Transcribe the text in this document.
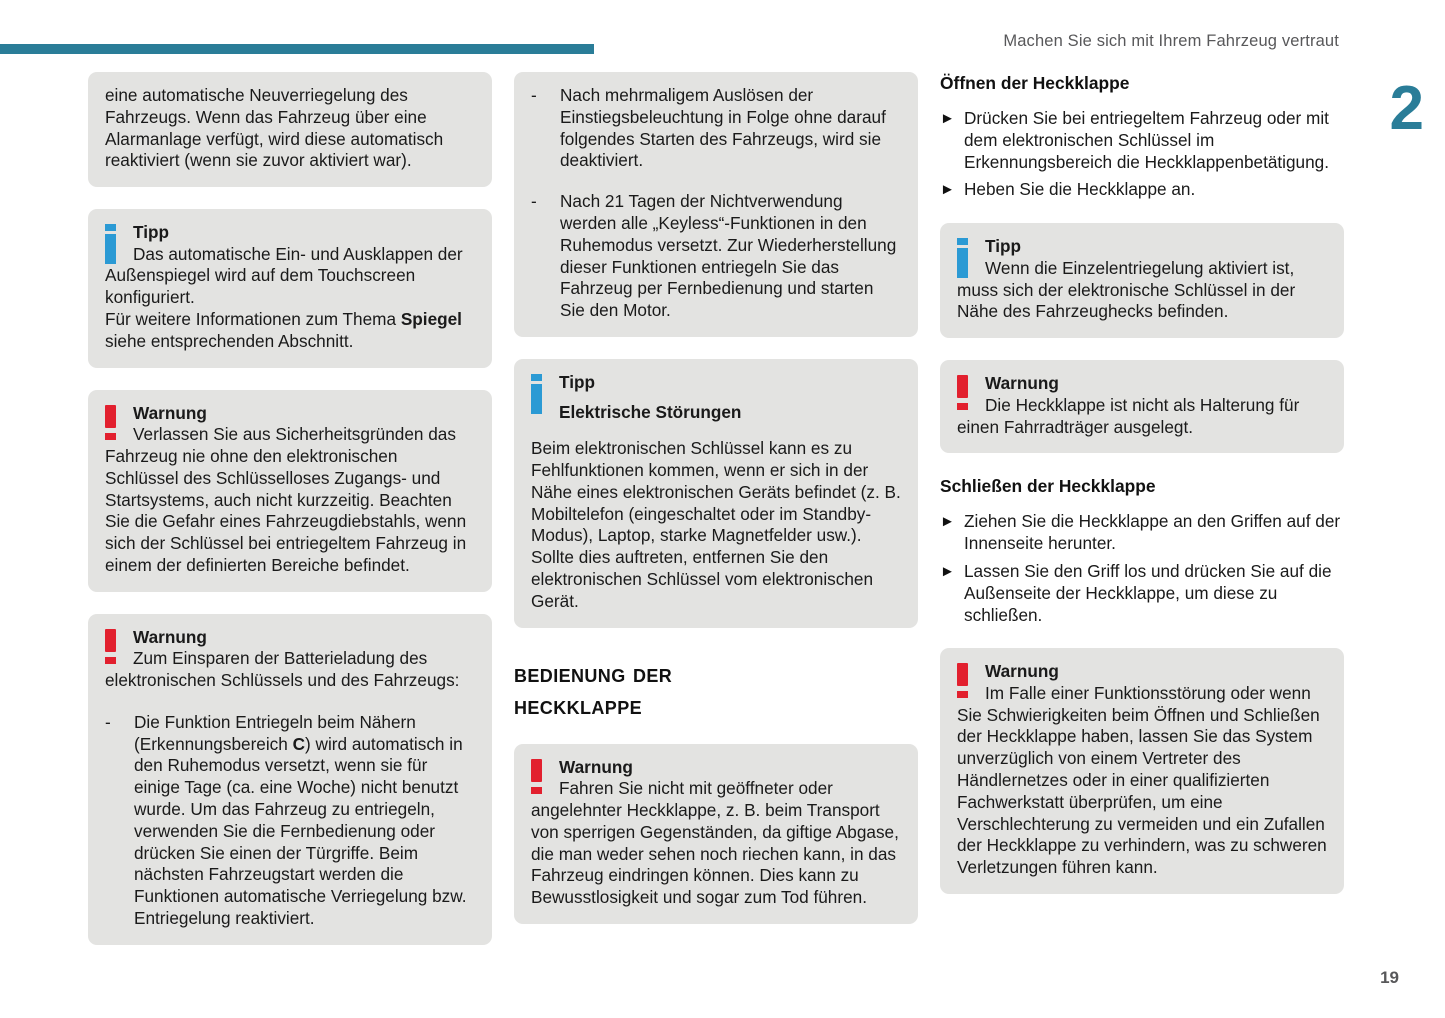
Machen Sie sich mit Ihrem Fahrzeug vertraut
2
19
eine automatische Neuverriegelung des Fahrzeugs. Wenn das Fahrzeug über eine Alarmanlage verfügt, wird diese automatisch reaktiviert (wenn sie zuvor aktiviert war).
Tipp
Das automatische Ein- und Ausklappen der Außenspiegel wird auf dem Touchscreen konfiguriert.
Für weitere Informationen zum Thema Spiegel siehe entsprechenden Abschnitt.
Warnung
Verlassen Sie aus Sicherheitsgründen das Fahrzeug nie ohne den elektronischen Schlüssel des Schlüsselloses Zugangs- und Startsystems, auch nicht kurzzeitig. Beachten Sie die Gefahr eines Fahrzeugdiebstahls, wenn sich der Schlüssel bei entriegeltem Fahrzeug in einem der definierten Bereiche befindet.
Warnung
Zum Einsparen der Batterieladung des elektronischen Schlüssels und des Fahrzeugs:
-	Die Funktion Entriegeln beim Nähern (Erkennungsbereich C) wird automatisch in den Ruhemodus versetzt, wenn sie für einige Tage (ca. eine Woche) nicht benutzt wurde. Um das Fahrzeug zu entriegeln, verwenden Sie die Fernbedienung oder drücken Sie einen der Türgriffe. Beim nächsten Fahrzeugstart werden die Funktionen automatische Verriegelung bzw. Entriegelung reaktiviert.
-	Nach mehrmaligem Auslösen der Einstiegsbeleuchtung in Folge ohne darauf folgendes Starten des Fahrzeugs, wird sie deaktiviert.
-	Nach 21 Tagen der Nichtverwendung werden alle „Keyless“-Funktionen in den Ruhemodus versetzt. Zur Wiederherstellung dieser Funktionen entriegeln Sie das Fahrzeug per Fernbedienung und starten Sie den Motor.
Tipp
Elektrische Störungen
Beim elektronischen Schlüssel kann es zu Fehlfunktionen kommen, wenn er sich in der Nähe eines elektronischen Geräts befindet (z. B. Mobiltelefon (eingeschaltet oder im Standby-Modus), Laptop, starke Magnetfelder usw.). Sollte dies auftreten, entfernen Sie den elektronischen Schlüssel vom elektronischen Gerät.
bedienung der
heckklappe
Warnung
Fahren Sie nicht mit geöffneter oder angelehnter Heckklappe, z. B. beim Transport von sperrigen Gegenständen, da giftige Abgase, die man weder sehen noch riechen kann, in das Fahrzeug eindringen können. Dies kann zu Bewusstlosigkeit und sogar zum Tod führen.
Öffnen der Heckklappe
► Drücken Sie bei entriegeltem Fahrzeug oder mit dem elektronischen Schlüssel im Erkennungsbereich die Heckklappenbetätigung.
► Heben Sie die Heckklappe an.
Tipp
Wenn die Einzelentriegelung aktiviert ist, muss sich der elektronische Schlüssel in der Nähe des Fahrzeughecks befinden.
Warnung
Die Heckklappe ist nicht als Halterung für einen Fahrradträger ausgelegt.
Schließen der Heckklappe
► Ziehen Sie die Heckklappe an den Griffen auf der Innenseite herunter.
► Lassen Sie den Griff los und drücken Sie auf die Außenseite der Heckklappe, um diese zu schließen.
Warnung
Im Falle einer Funktionsstörung oder wenn Sie Schwierigkeiten beim Öffnen und Schließen der Heckklappe haben, lassen Sie das System unverzüglich von einem Vertreter des Händlernetzes oder in einer qualifizierten Fachwerkstatt überprüfen, um eine Verschlechterung zu vermeiden und ein Zufallen der Heckklappe zu verhindern, was zu schweren Verletzungen führen kann.
